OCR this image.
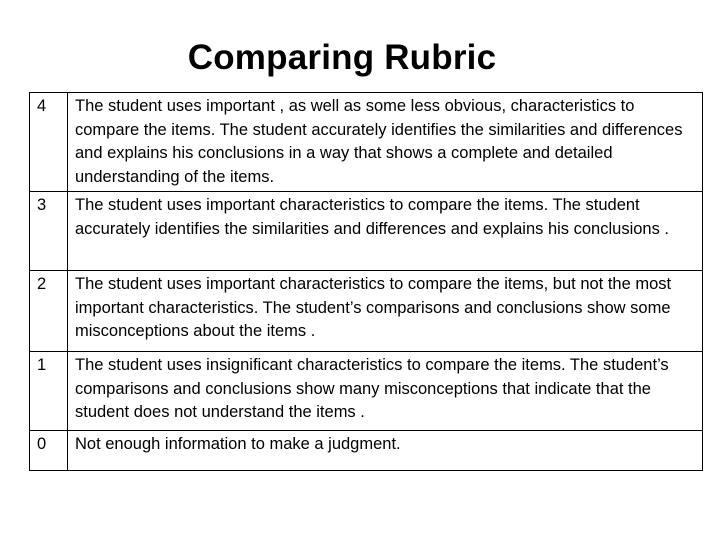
Comparing Rubric
4	The student uses important , as well as some less obvious, characteristics to compare the items. The student accurately identifies the similarities and differences and explains his conclusions in a way that shows a complete and detailed understanding of the items.
3	The student uses important characteristics to compare the items. The student accurately identifies the similarities and differences and explains his conclusions .
2	The student uses important characteristics to compare the items, but not the most important characteristics. The student’s comparisons and conclusions show some misconceptions about the items .
1	The student uses insignificant characteristics to compare the items. The student’s comparisons and conclusions show many misconceptions that indicate that the student does not understand the items .
0	Not enough information to make a judgment.
